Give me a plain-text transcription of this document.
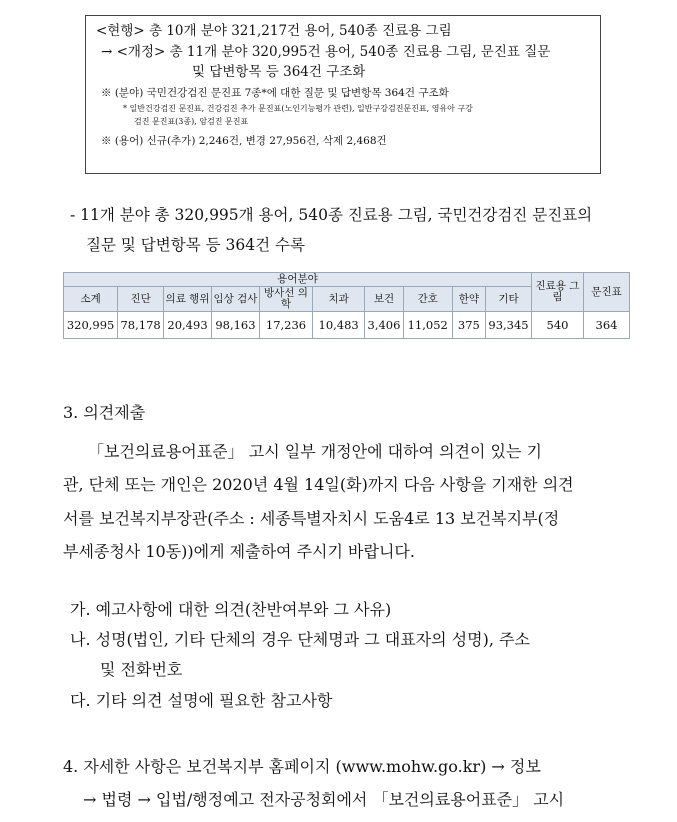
<현행> 총 10개 분야 321,217건 용어, 540종 진료용 그림
→ <개정> 총 11개 분야 320,995건 용어, 540종 진료용 그림, 문진표 질문
및 답변항목 등 364건 구조화
※ (분야) 국민건강검진 문진표 7종*에 대한 질문 및 답변항목 364건 구조화
* 일반건강검진 문진표, 건강검진 추가 문진표(노인기능평가 관련), 일반구강검진문진표, 영유아 구강
검진 문진표(3종), 암검진 문진표
※ (용어) 신규(추가) 2,246건, 변경 27,956건, 삭제 2,468건
- 11개 분야 총 320,995개 용어, 540종 진료용 그림, 국민건강검진 문진표의
질문 및 답변항목 등 364건 수록
용어분야										진료용 그림	문진표
소계	진단	의료 행위	임상 검사	방사선 의학	치과	보건	간호	한약	기타		
320,995	78,178	20,493	98,163	17,236	10,483	3,406	11,052	375	93,345	540	364
3. 의견제출
「보건의료용어표준」 고시 일부 개정안에 대하여 의견이 있는 기
관, 단체 또는 개인은 2020년 4월 14일(화)까지 다음 사항을 기재한 의견
서를 보건복지부장관(주소 : 세종특별자치시 도움4로 13 보건복지부(정
부세종청사 10동))에게 제출하여 주시기 바랍니다.
가. 예고사항에 대한 의견(찬반여부와 그 사유)
나. 성명(법인, 기타 단체의 경우 단체명과 그 대표자의 성명), 주소
및 전화번호
다. 기타 의견 설명에 필요한 참고사항
4. 자세한 사항은 보건복지부 홈페이지 (www.mohw.go.kr) → 정보
→ 법령 → 입법/행정예고 전자공청회에서 「보건의료용어표준」 고시
